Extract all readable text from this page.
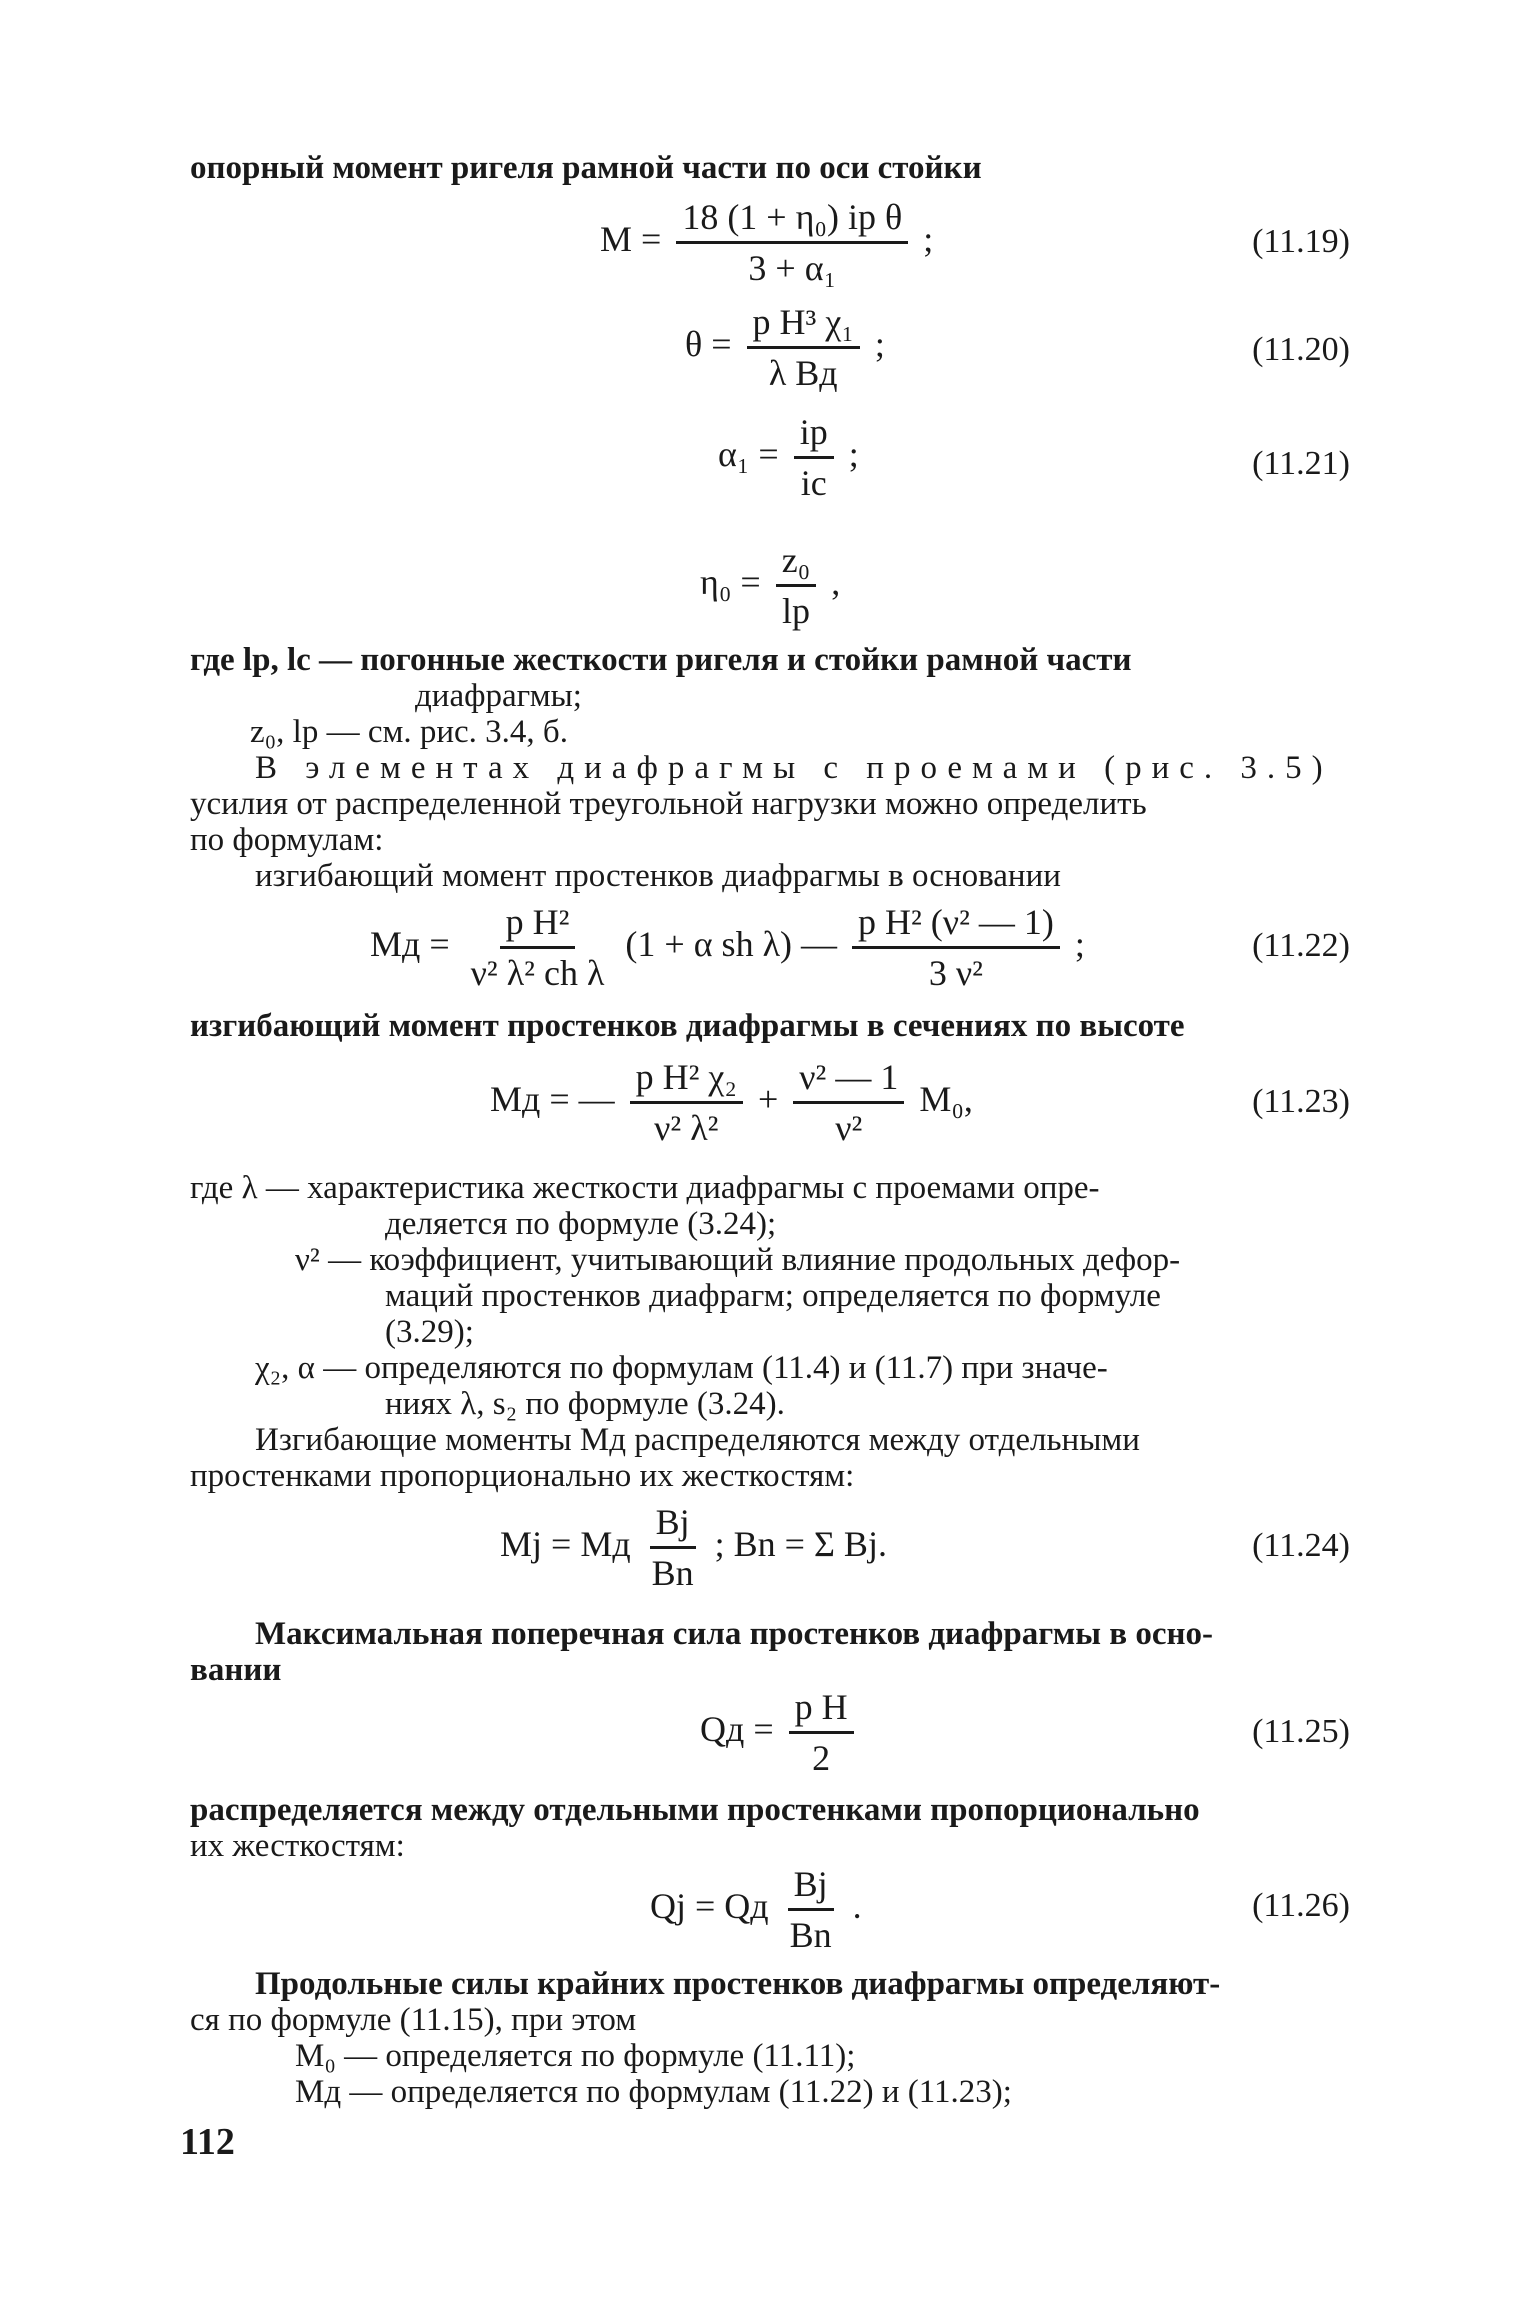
опорный момент ригеля рамной части по оси стойки
$M = \frac{\text{18 (1 + η₀) iр θ}}{\text{3 + α₁}}$ ;	(11.19)
$\theta = \frac{\text{p H³ χ₁}}{\text{λ Bд}}$ ;	(11.20)
$\alpha_1 = \frac{iр}{iс}$ ;	(11.21)
$\eta_0 = \frac{\text{z₀}}{lр}$ ,
где lр, lс — погонные жесткости ригеля и стойки рамной части
диафрагмы;
z₀, lр — см. рис. 3.4, б.
В элементах диафрагмы с проемами (рис. 3.5)
усилия от распределенной треугольной нагрузки можно определить
по формулам:
изгибающий момент простенков диафрагмы в основании
Mд = $\frac{\text{p H²}}{\text{ν² λ² ch λ}} (1 + \alpha$ sh λ) — $\frac{\text{p H² (ν² — 1)}}{\text{3 ν²}}$ ;	(11.22)
изгибающий момент простенков диафрагмы в сечениях по высоте
Mд = — $\frac{\text{p H² χ₂}}{\text{ν² λ²}} + \frac{\text{ν² — 1}}{\text{ν²}} M_0$,	(11.23)
где λ — характеристика жесткости диафрагмы с проемами опре-
деляется по формуле (3.24);
ν² — коэффициент, учитывающий влияние продольных дефор-
маций простенков диафрагм; определяется по формуле
(3.29);
χ₂, α — определяются по формулам (11.4) и (11.7) при значе-
ниях λ, s₂ по формуле (3.24).
Изгибающие моменты Mд распределяются между отдельными
простенками пропорционально их жесткостям:
Mj = Mд $\frac{Bj}{Bn}$ ; Bn = Σ Bj.	(11.24)
Максимальная поперечная сила простенков диафрагмы в осно-
вании
Qд = $\frac{\text{p H}}{2}$	(11.25)
распределяется между отдельными простенками пропорционально
их жесткостям:
Qj = Qд $\frac{Bj}{Bn}$ .	(11.26)
Продольные силы крайних простенков диафрагмы определяют-
ся по формуле (11.15), при этом
M₀ — определяется по формуле (11.11);
Mд — определяется по формулам (11.22) и (11.23);
112
